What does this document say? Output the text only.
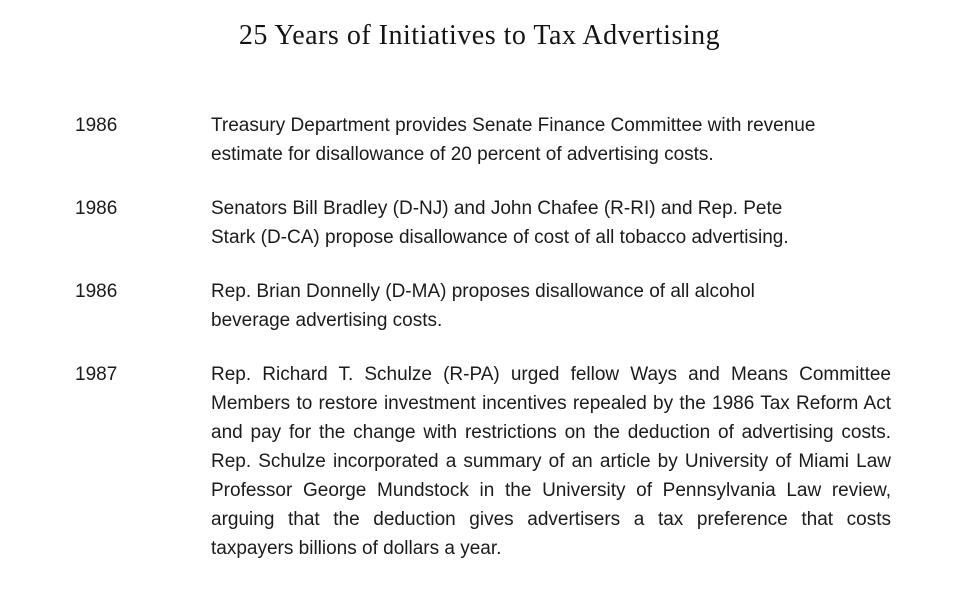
25 Years of Initiatives to Tax Advertising
1986	Treasury Department provides Senate Finance Committee with revenue estimate for disallowance of 20 percent of advertising costs.
1986	Senators Bill Bradley (D-NJ) and John Chafee (R-RI) and Rep. Pete Stark (D-CA) propose disallowance of cost of all tobacco advertising.
1986	Rep. Brian Donnelly (D-MA) proposes disallowance of all alcohol beverage advertising costs.
1987	Rep. Richard T. Schulze (R-PA) urged fellow Ways and Means Committee Members to restore investment incentives repealed by the 1986 Tax Reform Act and pay for the change with restrictions on the deduction of advertising costs. Rep. Schulze incorporated a summary of an article by University of Miami Law Professor George Mundstock in the University of Pennsylvania Law review, arguing that the deduction gives advertisers a tax preference that costs taxpayers billions of dollars a year.
